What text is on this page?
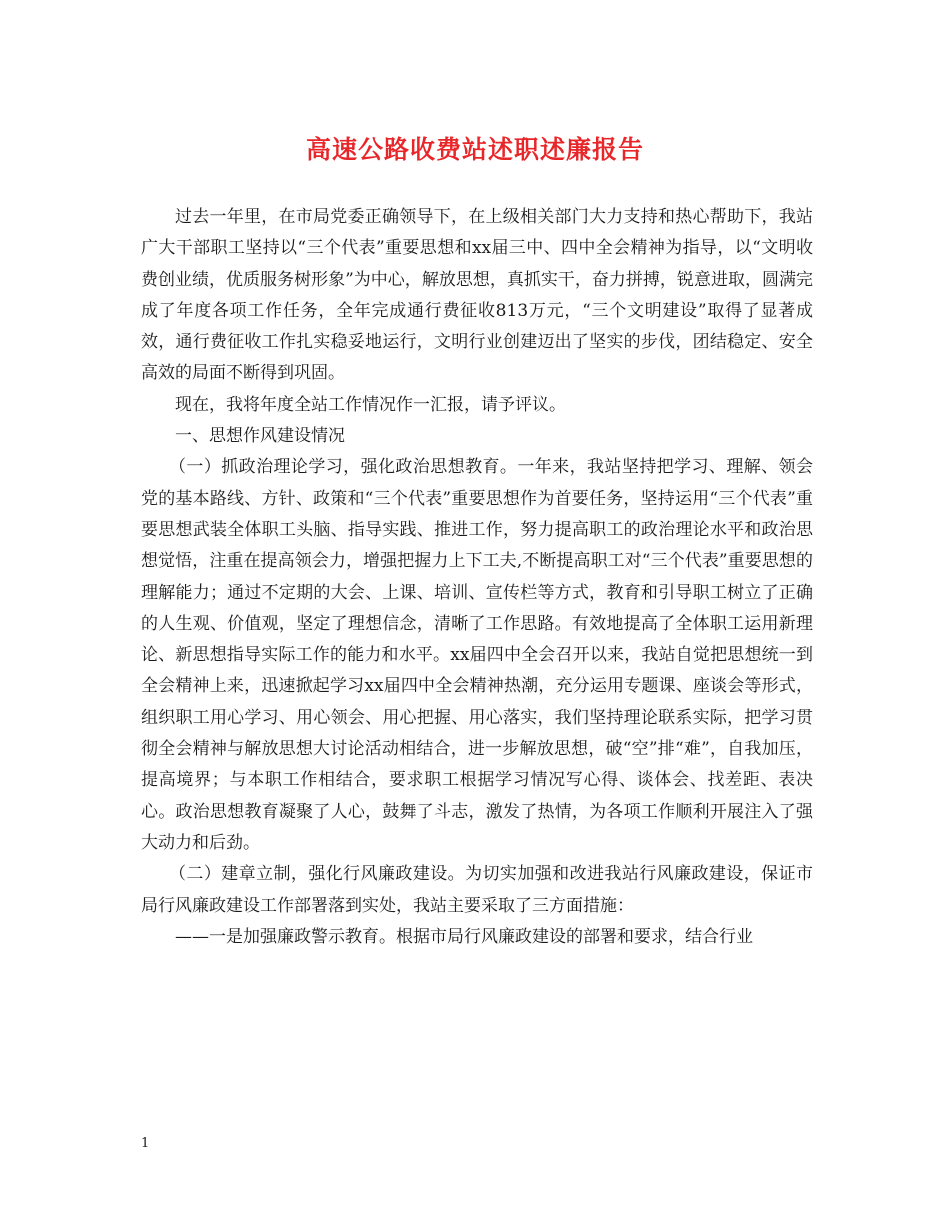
高速公路收费站述职述廉报告

过去一年里，在市局党委正确领导下，在上级相关部门大力支持和热心帮助下，我站广大干部职工坚持以“三个代表”重要思想和xx届三中、四中全会精神为指导，以“文明收费创业绩，优质服务树形象”为中心，解放思想，真抓实干，奋力拼搏，锐意进取，圆满完成了年度各项工作任务，全年完成通行费征收813万元，“三个文明建设”取得了显著成效，通行费征收工作扎实稳妥地运行，文明行业创建迈出了坚实的步伐，团结稳定、安全高效的局面不断得到巩固。

现在，我将年度全站工作情况作一汇报，请予评议。

一、思想作风建设情况

（一）抓政治理论学习，强化政治思想教育。一年来，我站坚持把学习、理解、领会党的基本路线、方针、政策和“三个代表”重要思想作为首要任务，坚持运用“三个代表”重要思想武装全体职工头脑、指导实践、推进工作，努力提高职工的政治理论水平和政治思想觉悟，注重在提高领会力，增强把握力上下工夫,不断提高职工对“三个代表”重要思想的理解能力；通过不定期的大会、上课、培训、宣传栏等方式，教育和引导职工树立了正确的人生观、价值观，坚定了理想信念，清晰了工作思路。有效地提高了全体职工运用新理论、新思想指导实际工作的能力和水平。xx届四中全会召开以来，我站自觉把思想统一到全会精神上来，迅速掀起学习xx届四中全会精神热潮，充分运用专题课、座谈会等形式，组织职工用心学习、用心领会、用心把握、用心落实，我们坚持理论联系实际，把学习贯彻全会精神与解放思想大讨论活动相结合，进一步解放思想，破“空”排“难”，自我加压，提高境界；与本职工作相结合，要求职工根据学习情况写心得、谈体会、找差距、表决心。政治思想教育凝聚了人心，鼓舞了斗志，激发了热情，为各项工作顺利开展注入了强大动力和后劲。

（二）建章立制，强化行风廉政建设。为切实加强和改进我站行风廉政建设，保证市局行风廉政建设工作部署落到实处，我站主要采取了三方面措施：

——一是加强廉政警示教育。根据市局行风廉政建设的部署和要求，结合行业

1
